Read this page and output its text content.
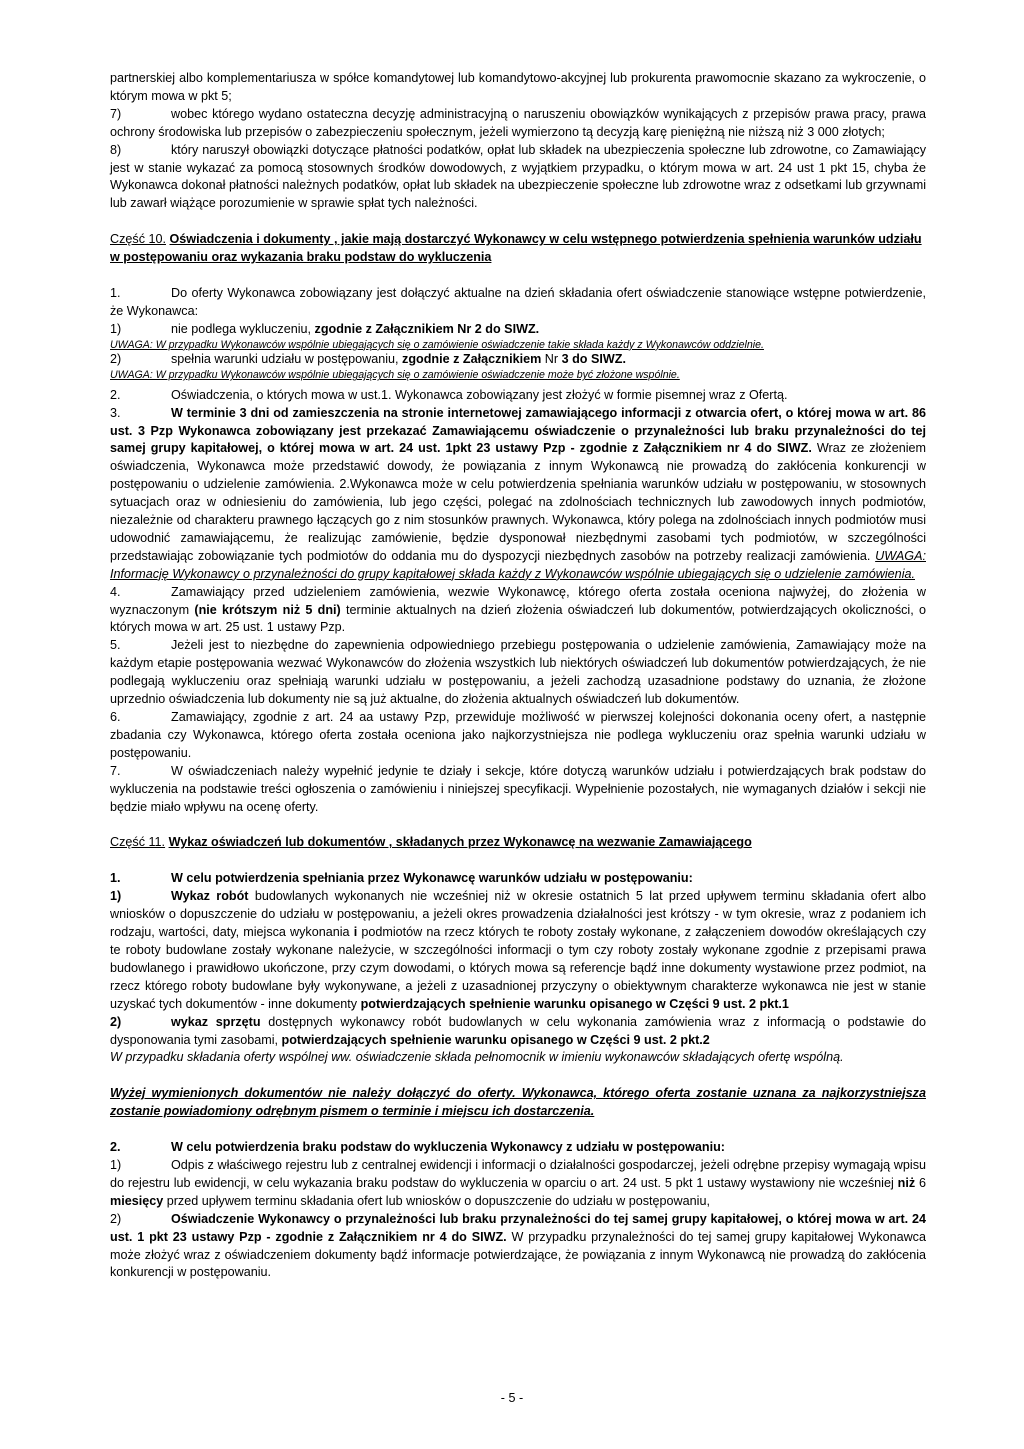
partnerskiej albo komplementariusza w spółce komandytowej lub komandytowo-akcyjnej lub prokurenta prawomocnie skazano za wykroczenie, o którym mowa w pkt 5;

7)	wobec którego wydano ostateczna decyzję administracyjną o naruszeniu obowiązków wynikających z przepisów prawa pracy, prawa ochrony środowiska lub przepisów o zabezpieczeniu społecznym, jeżeli wymierzono tą decyzją karę pieniężną nie niższą niż 3 000 złotych;

8)	który naruszył obowiązki dotyczące płatności podatków, opłat lub składek na ubezpieczenia społeczne lub zdrowotne, co Zamawiający jest w stanie wykazać za pomocą stosownych środków dowodowych, z wyjątkiem przypadku, o którym mowa w art. 24 ust 1 pkt 15, chyba że Wykonawca dokonał płatności należnych podatków, opłat lub składek na ubezpieczenie społeczne lub zdrowotne wraz z odsetkami lub grzywnami lub zawarł wiążące porozumienie w sprawie spłat tych należności.

Część 10. Oświadczenia i dokumenty , jakie mają dostarczyć Wykonawcy w celu wstępnego potwierdzenia spełnienia warunków udziału w postępowaniu oraz wykazania braku podstaw do wykluczenia

1.	Do oferty Wykonawca zobowiązany jest dołączyć aktualne na dzień składania ofert oświadczenie stanowiące wstępne potwierdzenie, że Wykonawca:

1)	nie podlega wykluczeniu, zgodnie z Załącznikiem Nr 2 do SIWZ.

UWAGA: W przypadku Wykonawców wspólnie ubiegających się o zamówienie oświadczenie takie składa każdy z Wykonawców oddzielnie.

2)	spełnia warunki udziału w postępowaniu, zgodnie z Załącznikiem Nr 3 do SIWZ.

UWAGA: W przypadku Wykonawców wspólnie ubiegających się o zamówienie oświadczenie może być złożone wspólnie.

2.	Oświadczenia, o których mowa w ust.1. Wykonawca zobowiązany jest złożyć w formie pisemnej wraz z Ofertą.

3.	W terminie 3 dni od zamieszczenia na stronie internetowej zamawiającego informacji z otwarcia ofert, o której mowa w art. 86 ust. 3 Pzp Wykonawca zobowiązany jest przekazać Zamawiającemu oświadczenie o przynależności lub braku przynależności do tej samej grupy kapitałowej, o której mowa w art. 24 ust. 1pkt 23 ustawy Pzp - zgodnie z Załącznikiem nr 4 do SIWZ. Wraz ze złożeniem oświadczenia, Wykonawca może przedstawić dowody, że powiązania z innym Wykonawcą nie prowadzą do zakłócenia konkurencji w postępowaniu o udzielenie zamówienia. 2.Wykonawca może w celu potwierdzenia spełniania warunków udziału w postępowaniu, w stosownych sytuacjach oraz w odniesieniu do zamówienia, lub jego części, polegać na zdolnościach technicznych lub zawodowych innych podmiotów, niezależnie od charakteru prawnego łączących go z nim stosunków prawnych. Wykonawca, który polega na zdolnościach innych podmiotów musi udowodnić zamawiającemu, że realizując zamówienie, będzie dysponował niezbędnymi zasobami tych podmiotów, w szczególności przedstawiając zobowiązanie tych podmiotów do oddania mu do dyspozycji niezbędnych zasobów na potrzeby realizacji zamówienia. UWAGA: Informację Wykonawcy o przynależności do grupy kapitałowej składa każdy z Wykonawców wspólnie ubiegających się o udzielenie zamówienia.

4.	Zamawiający przed udzieleniem zamówienia, wezwie Wykonawcę, którego oferta została oceniona najwyżej, do złożenia w wyznaczonym (nie krótszym niż 5 dni) terminie aktualnych na dzień złożenia oświadczeń lub dokumentów, potwierdzających okoliczności, o których mowa w art. 25 ust. 1 ustawy Pzp.

5.	Jeżeli jest to niezbędne do zapewnienia odpowiedniego przebiegu postępowania o udzielenie zamówienia, Zamawiający może na każdym etapie postępowania wezwać Wykonawców do złożenia wszystkich lub niektórych oświadczeń lub dokumentów potwierdzających, że nie podlegają wykluczeniu oraz spełniają warunki udziału w postępowaniu, a jeżeli zachodzą uzasadnione podstawy do uznania, że złożone uprzednio oświadczenia lub dokumenty nie są już aktualne, do złożenia aktualnych oświadczeń lub dokumentów.

6.	Zamawiający, zgodnie z art. 24 aa ustawy Pzp, przewiduje możliwość w pierwszej kolejności dokonania oceny ofert, a następnie zbadania czy Wykonawca, którego oferta została oceniona jako najkorzystniejsza nie podlega wykluczeniu oraz spełnia warunki udziału w postępowaniu.

7.	W oświadczeniach należy wypełnić jedynie te działy i sekcje, które dotyczą warunków udziału i potwierdzających brak podstaw do wykluczenia na podstawie treści ogłoszenia o zamówieniu i niniejszej specyfikacji. Wypełnienie pozostałych, nie wymaganych działów i sekcji nie będzie miało wpływu na ocenę oferty.

Część 11. Wykaz oświadczeń lub dokumentów , składanych przez Wykonawcę na wezwanie Zamawiającego

1.	W celu potwierdzenia spełniania przez Wykonawcę warunków udziału w postępowaniu:

1)	Wykaz robót budowlanych wykonanych nie wcześniej niż w okresie ostatnich 5 lat przed upływem terminu składania ofert albo wniosków o dopuszczenie do udziału w postępowaniu, a jeżeli okres prowadzenia działalności jest krótszy - w tym okresie, wraz z podaniem ich rodzaju, wartości, daty, miejsca wykonania i podmiotów na rzecz których te roboty zostały wykonane, z załączeniem dowodów określających czy te roboty budowlane zostały wykonane należycie, w szczególności informacji o tym czy roboty zostały wykonane zgodnie z przepisami prawa budowlanego i prawidłowo ukończone, przy czym dowodami, o których mowa są referencje bądź inne dokumenty wystawione przez podmiot, na rzecz którego roboty budowlane były wykonywane, a jeżeli z uzasadnionej przyczyny o obiektywnym charakterze wykonawca nie jest w stanie uzyskać tych dokumentów - inne dokumenty potwierdzających spełnienie warunku opisanego w Części 9 ust. 2 pkt.1

2)	wykaz sprzętu dostępnych wykonawcy robót budowlanych w celu wykonania zamówienia wraz z informacją o podstawie do dysponowania tymi zasobami, potwierdzających spełnienie warunku opisanego w Części 9 ust. 2 pkt.2

W przypadku składania oferty wspólnej ww. oświadczenie składa pełnomocnik w imieniu wykonawców składających ofertę wspólną.

Wyżej wymienionych dokumentów nie należy dołączyć do oferty. Wykonawca, którego oferta zostanie uznana za najkorzystniejsza zostanie powiadomiony odrębnym pismem o terminie i miejscu ich dostarczenia.

2.	W celu potwierdzenia braku podstaw do wykluczenia Wykonawcy z udziału w postępowaniu:

1)	Odpis z właściwego rejestru lub z centralnej ewidencji i informacji o działalności gospodarczej, jeżeli odrębne przepisy wymagają wpisu do rejestru lub ewidencji, w celu wykazania braku podstaw do wykluczenia w oparciu o art. 24 ust. 5 pkt 1 ustawy wystawiony nie wcześniej niż 6 miesięcy przed upływem terminu składania ofert lub wniosków o dopuszczenie do udziału w postępowaniu,

2)	Oświadczenie Wykonawcy o przynależności lub braku przynależności do tej samej grupy kapitałowej, o której mowa w art. 24 ust. 1 pkt 23 ustawy Pzp - zgodnie z Załącznikiem nr 4 do SIWZ. W przypadku przynależności do tej samej grupy kapitałowej Wykonawca może złożyć wraz z oświadczeniem dokumenty bądź informacje potwierdzające, że powiązania z innym Wykonawcą nie prowadzą do zakłócenia konkurencji w postępowaniu.

- 5 -
